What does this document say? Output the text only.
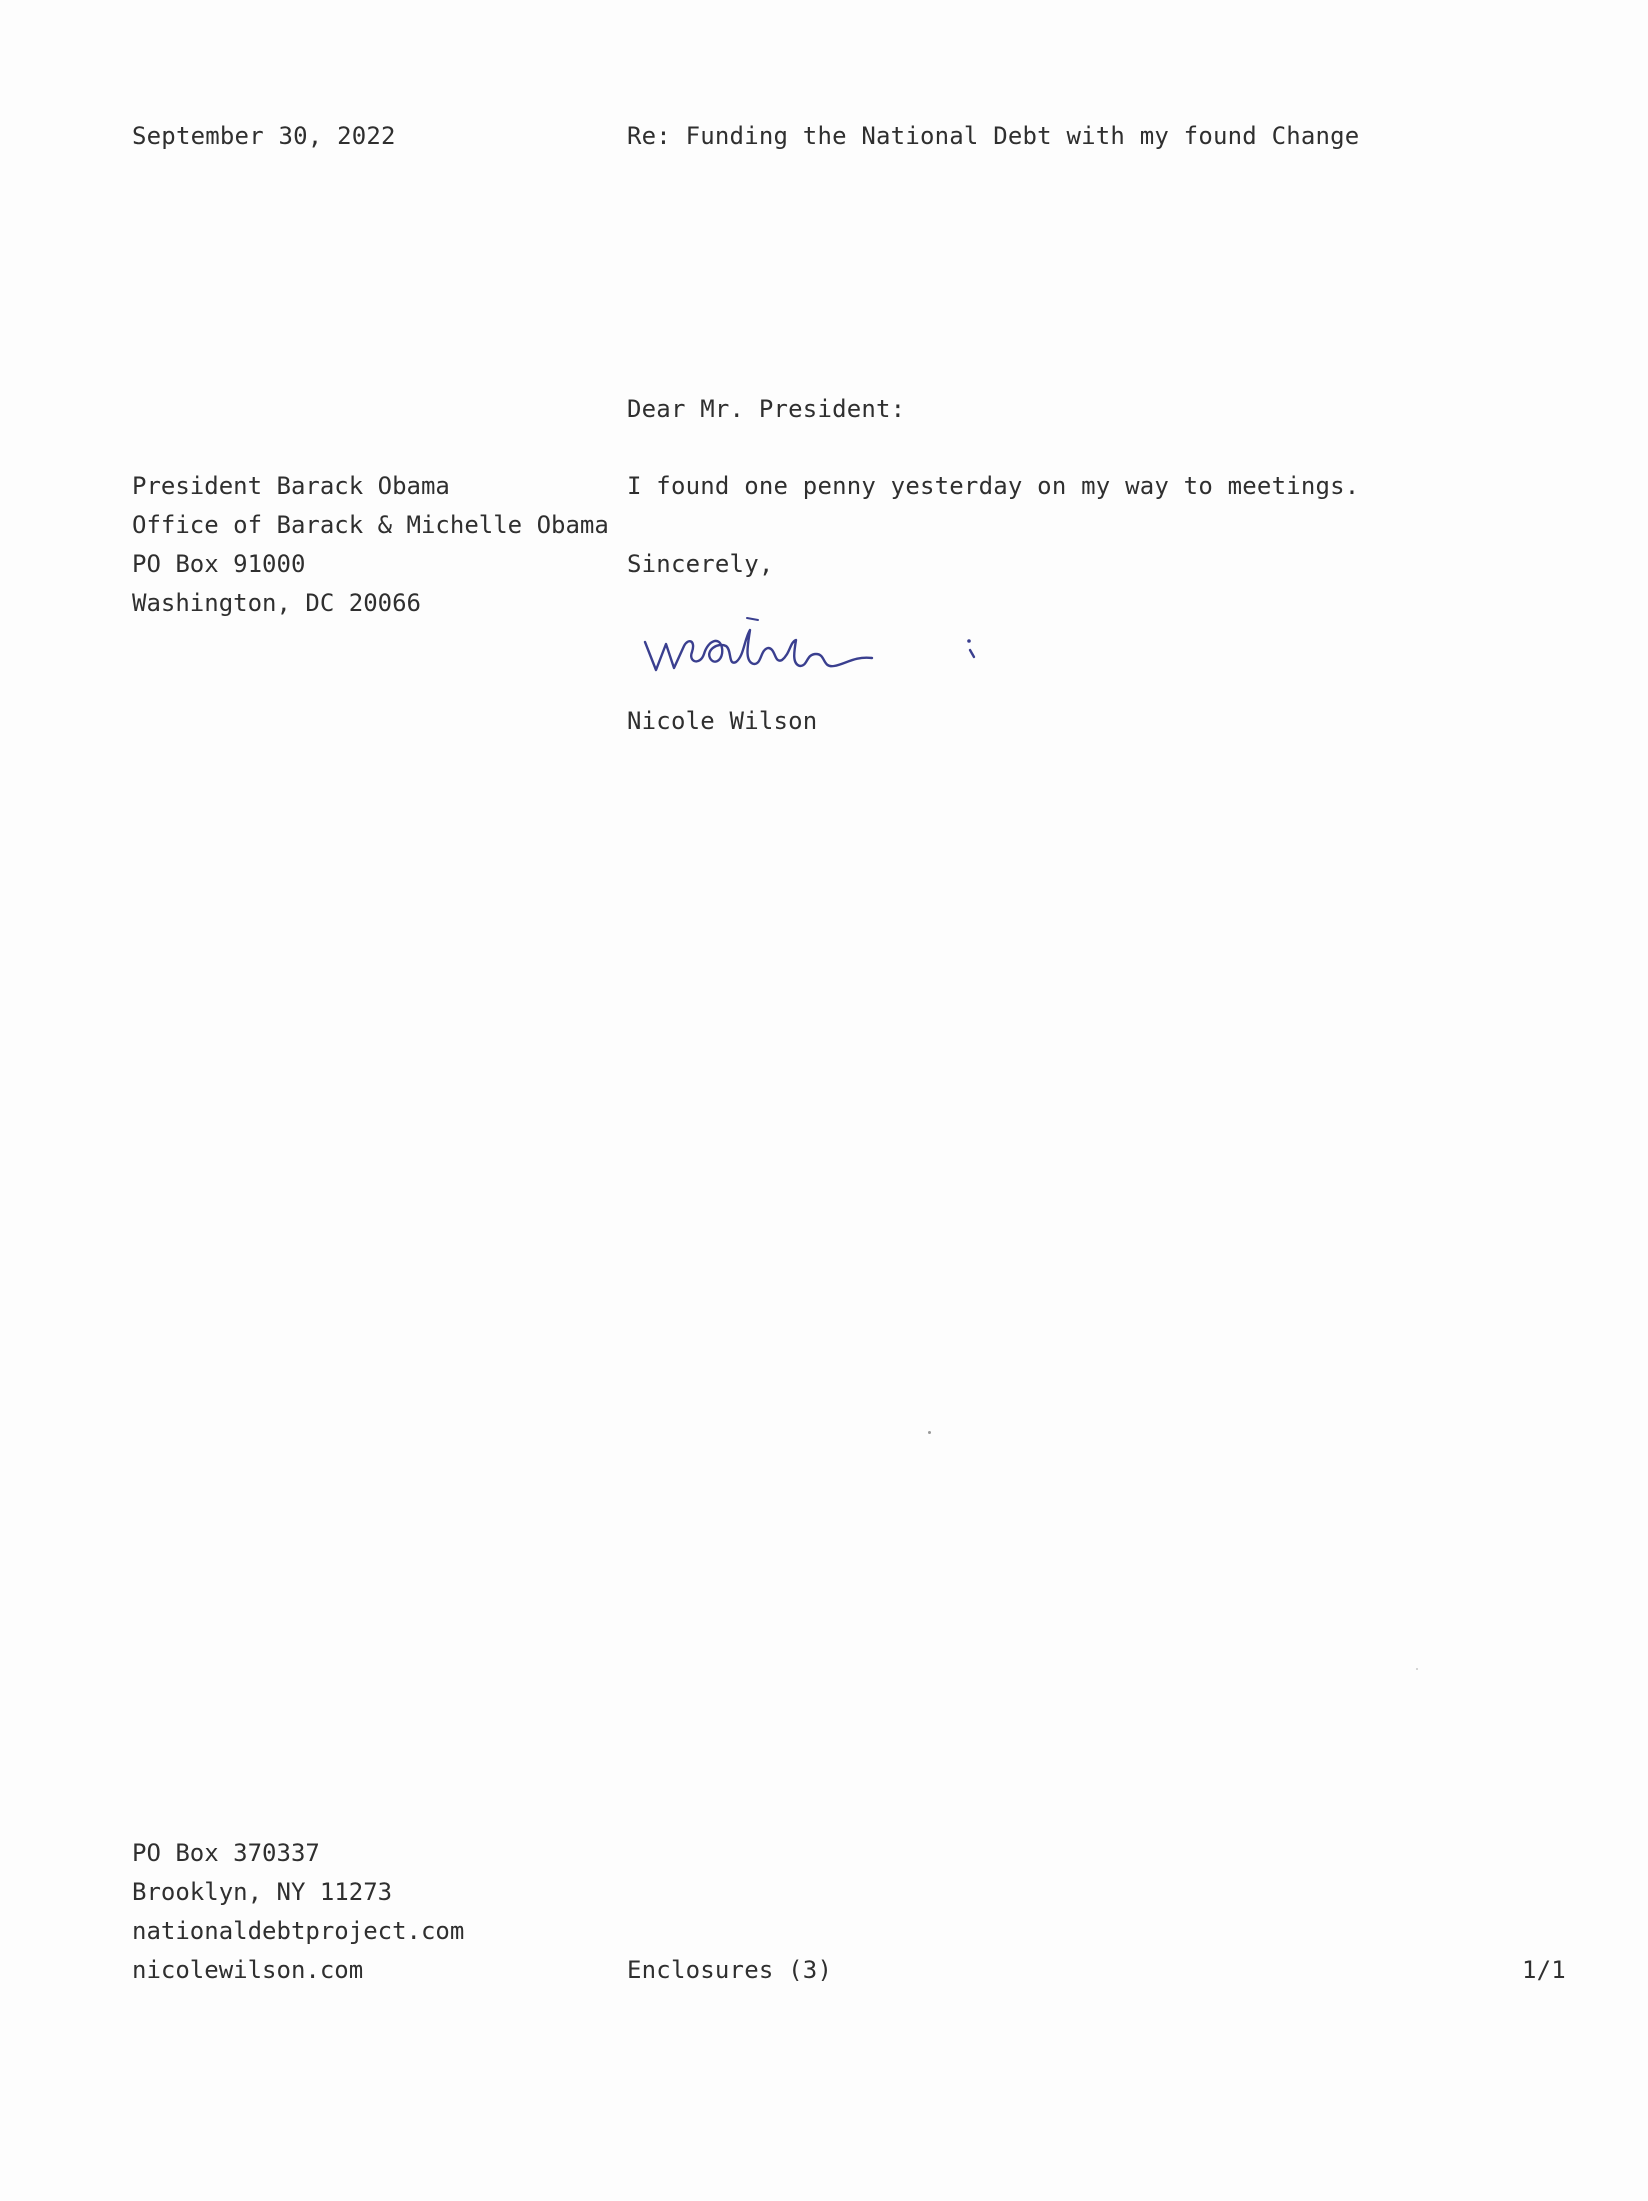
September 30, 2022	Re: Funding the National Debt with my found Change
Dear Mr. President:
President Barack Obama
Office of Barack & Michelle Obama
PO Box 91000
Washington, DC 20066
I found one penny yesterday on my way to meetings.
Sincerely,
Nicole Wilson
PO Box 370337
Brooklyn, NY 11273
nationaldebtproject.com
nicolewilson.com	Enclosures (3)	1/1
